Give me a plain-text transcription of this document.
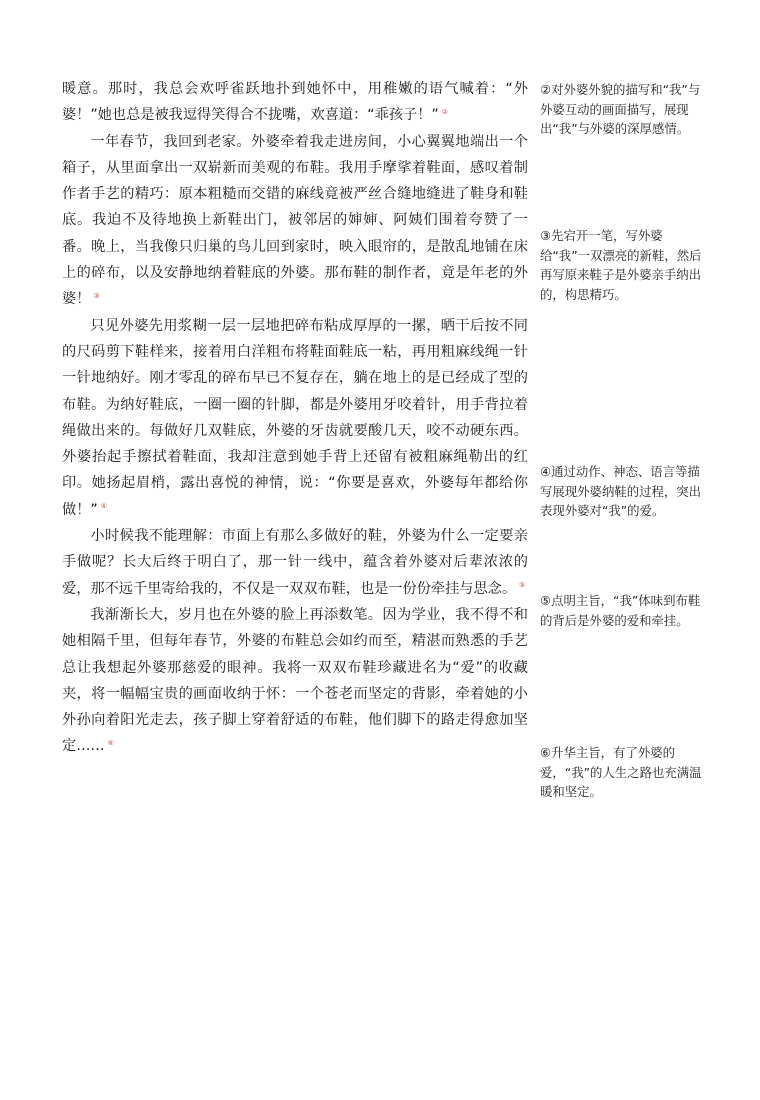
暖意。那时，我总会欢呼雀跃地扑到她怀中，用稚嫩的语气喊着：“外婆！”她也总是被我逗得笑得合不拢嘴，欢喜道：“乖孩子！” ②

一年春节，我回到老家。外婆牵着我走进房间，小心翼翼地端出一个箱子，从里面拿出一双崭新而美观的布鞋。我用手摩挲着鞋面，感叹着制作者手艺的精巧：原本粗糙而交错的麻线竟被严丝合缝地缝进了鞋身和鞋底。我迫不及待地换上新鞋出门，被邻居的婶婶、阿姨们围着夸赞了一番。晚上，当我像只归巢的鸟儿回到家时，映入眼帘的，是散乱地铺在床上的碎布，以及安静地纳着鞋底的外婆。那布鞋的制作者，竟是年老的外婆！ ③

只见外婆先用浆糊一层一层地把碎布粘成厚厚的一摞，晒干后按不同的尺码剪下鞋样来，接着用白洋粗布将鞋面鞋底一粘，再用粗麻线绳一针一针地纳好。刚才零乱的碎布早已不复存在，躺在地上的是已经成了型的布鞋。为纳好鞋底，一圈一圈的针脚，都是外婆用牙咬着针，用手背拉着绳做出来的。每做好几双鞋底，外婆的牙齿就要酸几天，咬不动硬东西。外婆抬起手擦拭着鞋面，我却注意到她手背上还留有被粗麻绳勒出的红印。她扬起眉梢，露出喜悦的神情，说：“你要是喜欢，外婆每年都给你做！” ④

小时候我不能理解：市面上有那么多做好的鞋，外婆为什么一定要亲手做呢？长大后终于明白了，那一针一线中，蕴含着外婆对后辈浓浓的爱，那不远千里寄给我的，不仅是一双双布鞋，也是一份份牵挂与思念。 ⑤

我渐渐长大，岁月也在外婆的脸上再添数笔。因为学业，我不得不和她相隔千里，但每年春节，外婆的布鞋总会如约而至，精湛而熟悉的手艺总让我想起外婆那慈爱的眼神。我将一双双布鞋珍藏进名为“爱”的收藏夹，将一幅幅宝贵的画面收纳于怀：一个苍老而坚定的背影，牵着她的小外孙向着阳光走去，孩子脚上穿着舒适的布鞋，他们脚下的路走得愈加坚定…… ⑥

②对外婆外貌的描写和“我”与外婆互动的画面描写，展现出“我”与外婆的深厚感情。
③先宕开一笔，写外婆给“我”一双漂亮的新鞋，然后再写原来鞋子是外婆亲手纳出的，构思精巧。
④通过动作、神态、语言等描写展现外婆纳鞋的过程，突出表现外婆对“我”的爱。
⑤点明主旨，“我”体味到布鞋的背后是外婆的爱和牵挂。
⑥升华主旨，有了外婆的爱，“我”的人生之路也充满温暖和坚定。
